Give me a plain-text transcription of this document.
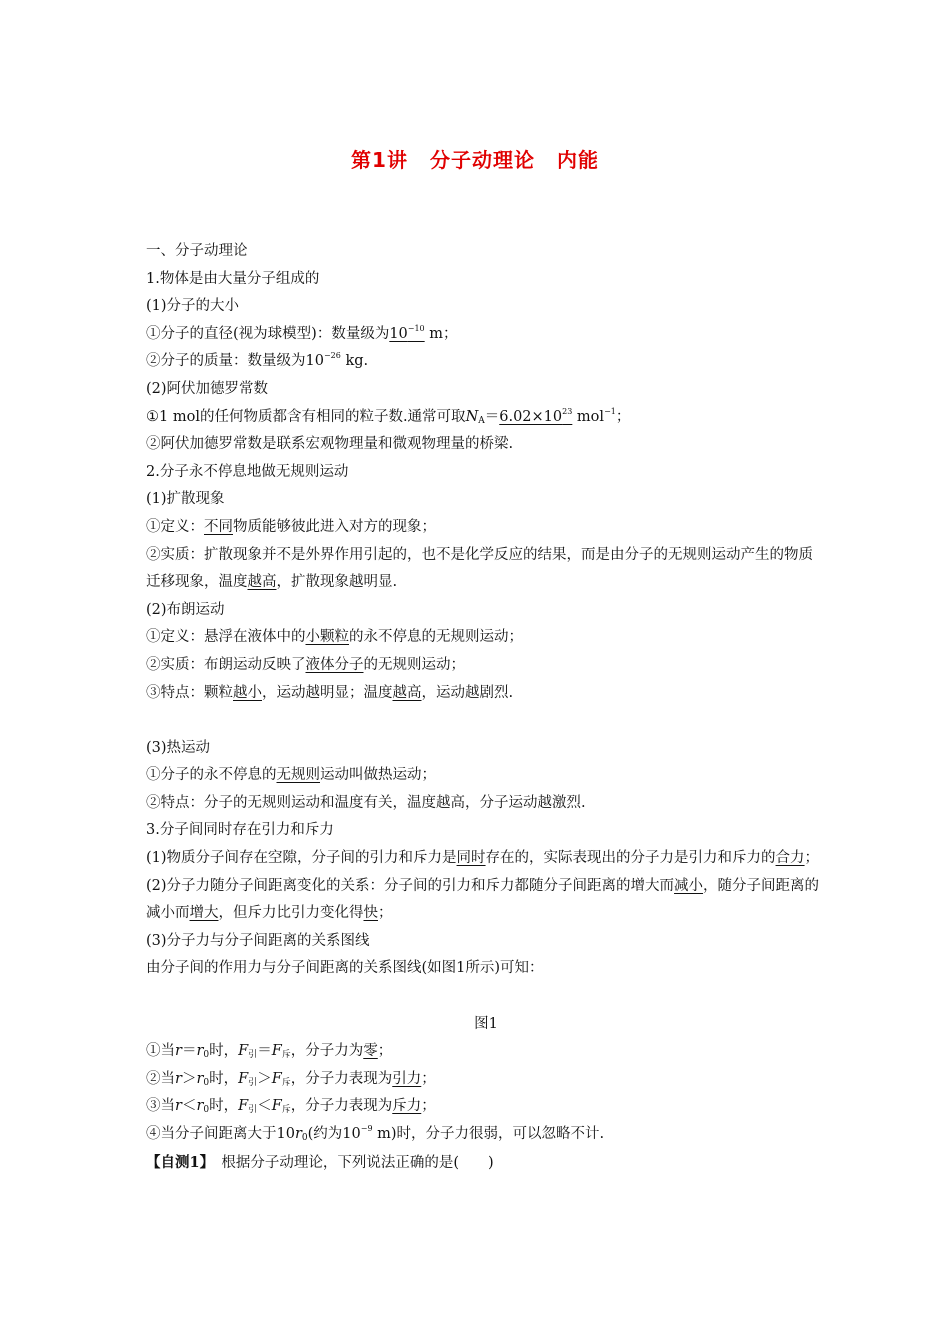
第1讲 分子动理论 内能
一、分子动理论
1.物体是由大量分子组成的
(1)分子的大小
①分子的直径(视为球模型)：数量级为$10^{-10}$ m；
②分子的质量：数量级为$10^{-26}$ kg.
(2)阿伏加德罗常数
①1 mol的任何物质都含有相同的粒子数.通常可取$N_A=6.02\times 10^{23}$ mol$^{-1}$；
②阿伏加德罗常数是联系宏观物理量和微观物理量的桥梁.
2.分子永不停息地做无规则运动
(1)扩散现象
①定义：不同物质能够彼此进入对方的现象；
②实质：扩散现象并不是外界作用引起的，也不是化学反应的结果，而是由分子的无规则运动产生的物质迁移现象，温度越高，扩散现象越明显.
(2)布朗运动
①定义：悬浮在液体中的小颗粒的永不停息的无规则运动；
②实质：布朗运动反映了液体分子的无规则运动；
③特点：颗粒越小，运动越明显；温度越高，运动越剧烈.
(3)热运动
①分子的永不停息的无规则运动叫做热运动；
②特点：分子的无规则运动和温度有关，温度越高，分子运动越激烈.
3.分子间同时存在引力和斥力
(1)物质分子间存在空隙，分子间的引力和斥力是同时存在的，实际表现出的分子力是引力和斥力的合力；
(2)分子力随分子间距离变化的关系：分子间的引力和斥力都随分子间距离的增大而减小，随分子间距离的减小而增大，但斥力比引力变化得快；
(3)分子力与分子间距离的关系图线
由分子间的作用力与分子间距离的关系图线(如图1所示)可知：
图1
①当$r=r_0$时，$F_引=F_斥$，分子力为零；
②当$r>r_0$时，$F_引>F_斥$，分子力表现为引力；
③当$r<r_0$时，$F_引<F_斥$，分子力表现为斥力；
④当分子间距离大于$10r_0$(约为$10^{-9}$ m)时，分子力很弱，可以忽略不计.
【自测1】　 根据分子动理论，下列说法正确的是(　　)
